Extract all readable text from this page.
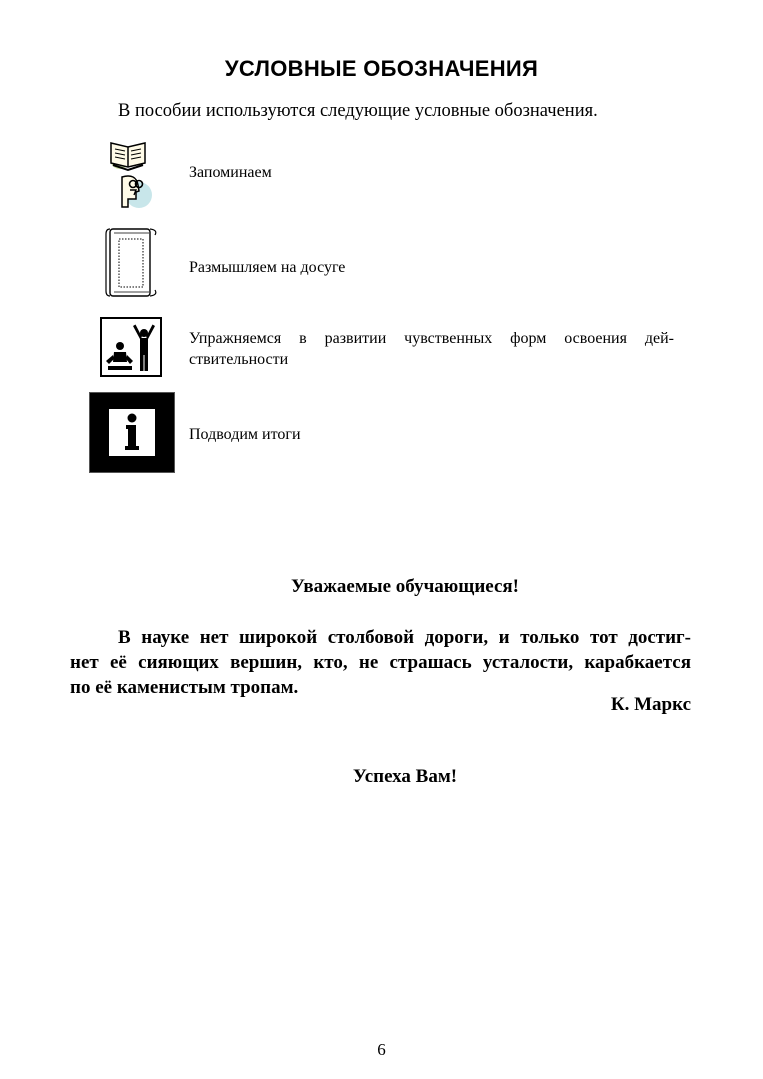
УСЛОВНЫЕ ОБОЗНАЧЕНИЯ
В пособии используются следующие условные обозначения.
Запоминаем
Размышляем на досуге
Упражняемся в развитии чувственных форм освоения дей-
ствительности
Подводим итоги
Уважаемые обучающиеся!
В науке нет широкой столбовой дороги, и только тот достиг-
нет её сияющих вершин, кто, не страшась усталости, карабкается
по её каменистым тропам.
К. Маркс
Успеха Вам!
6
